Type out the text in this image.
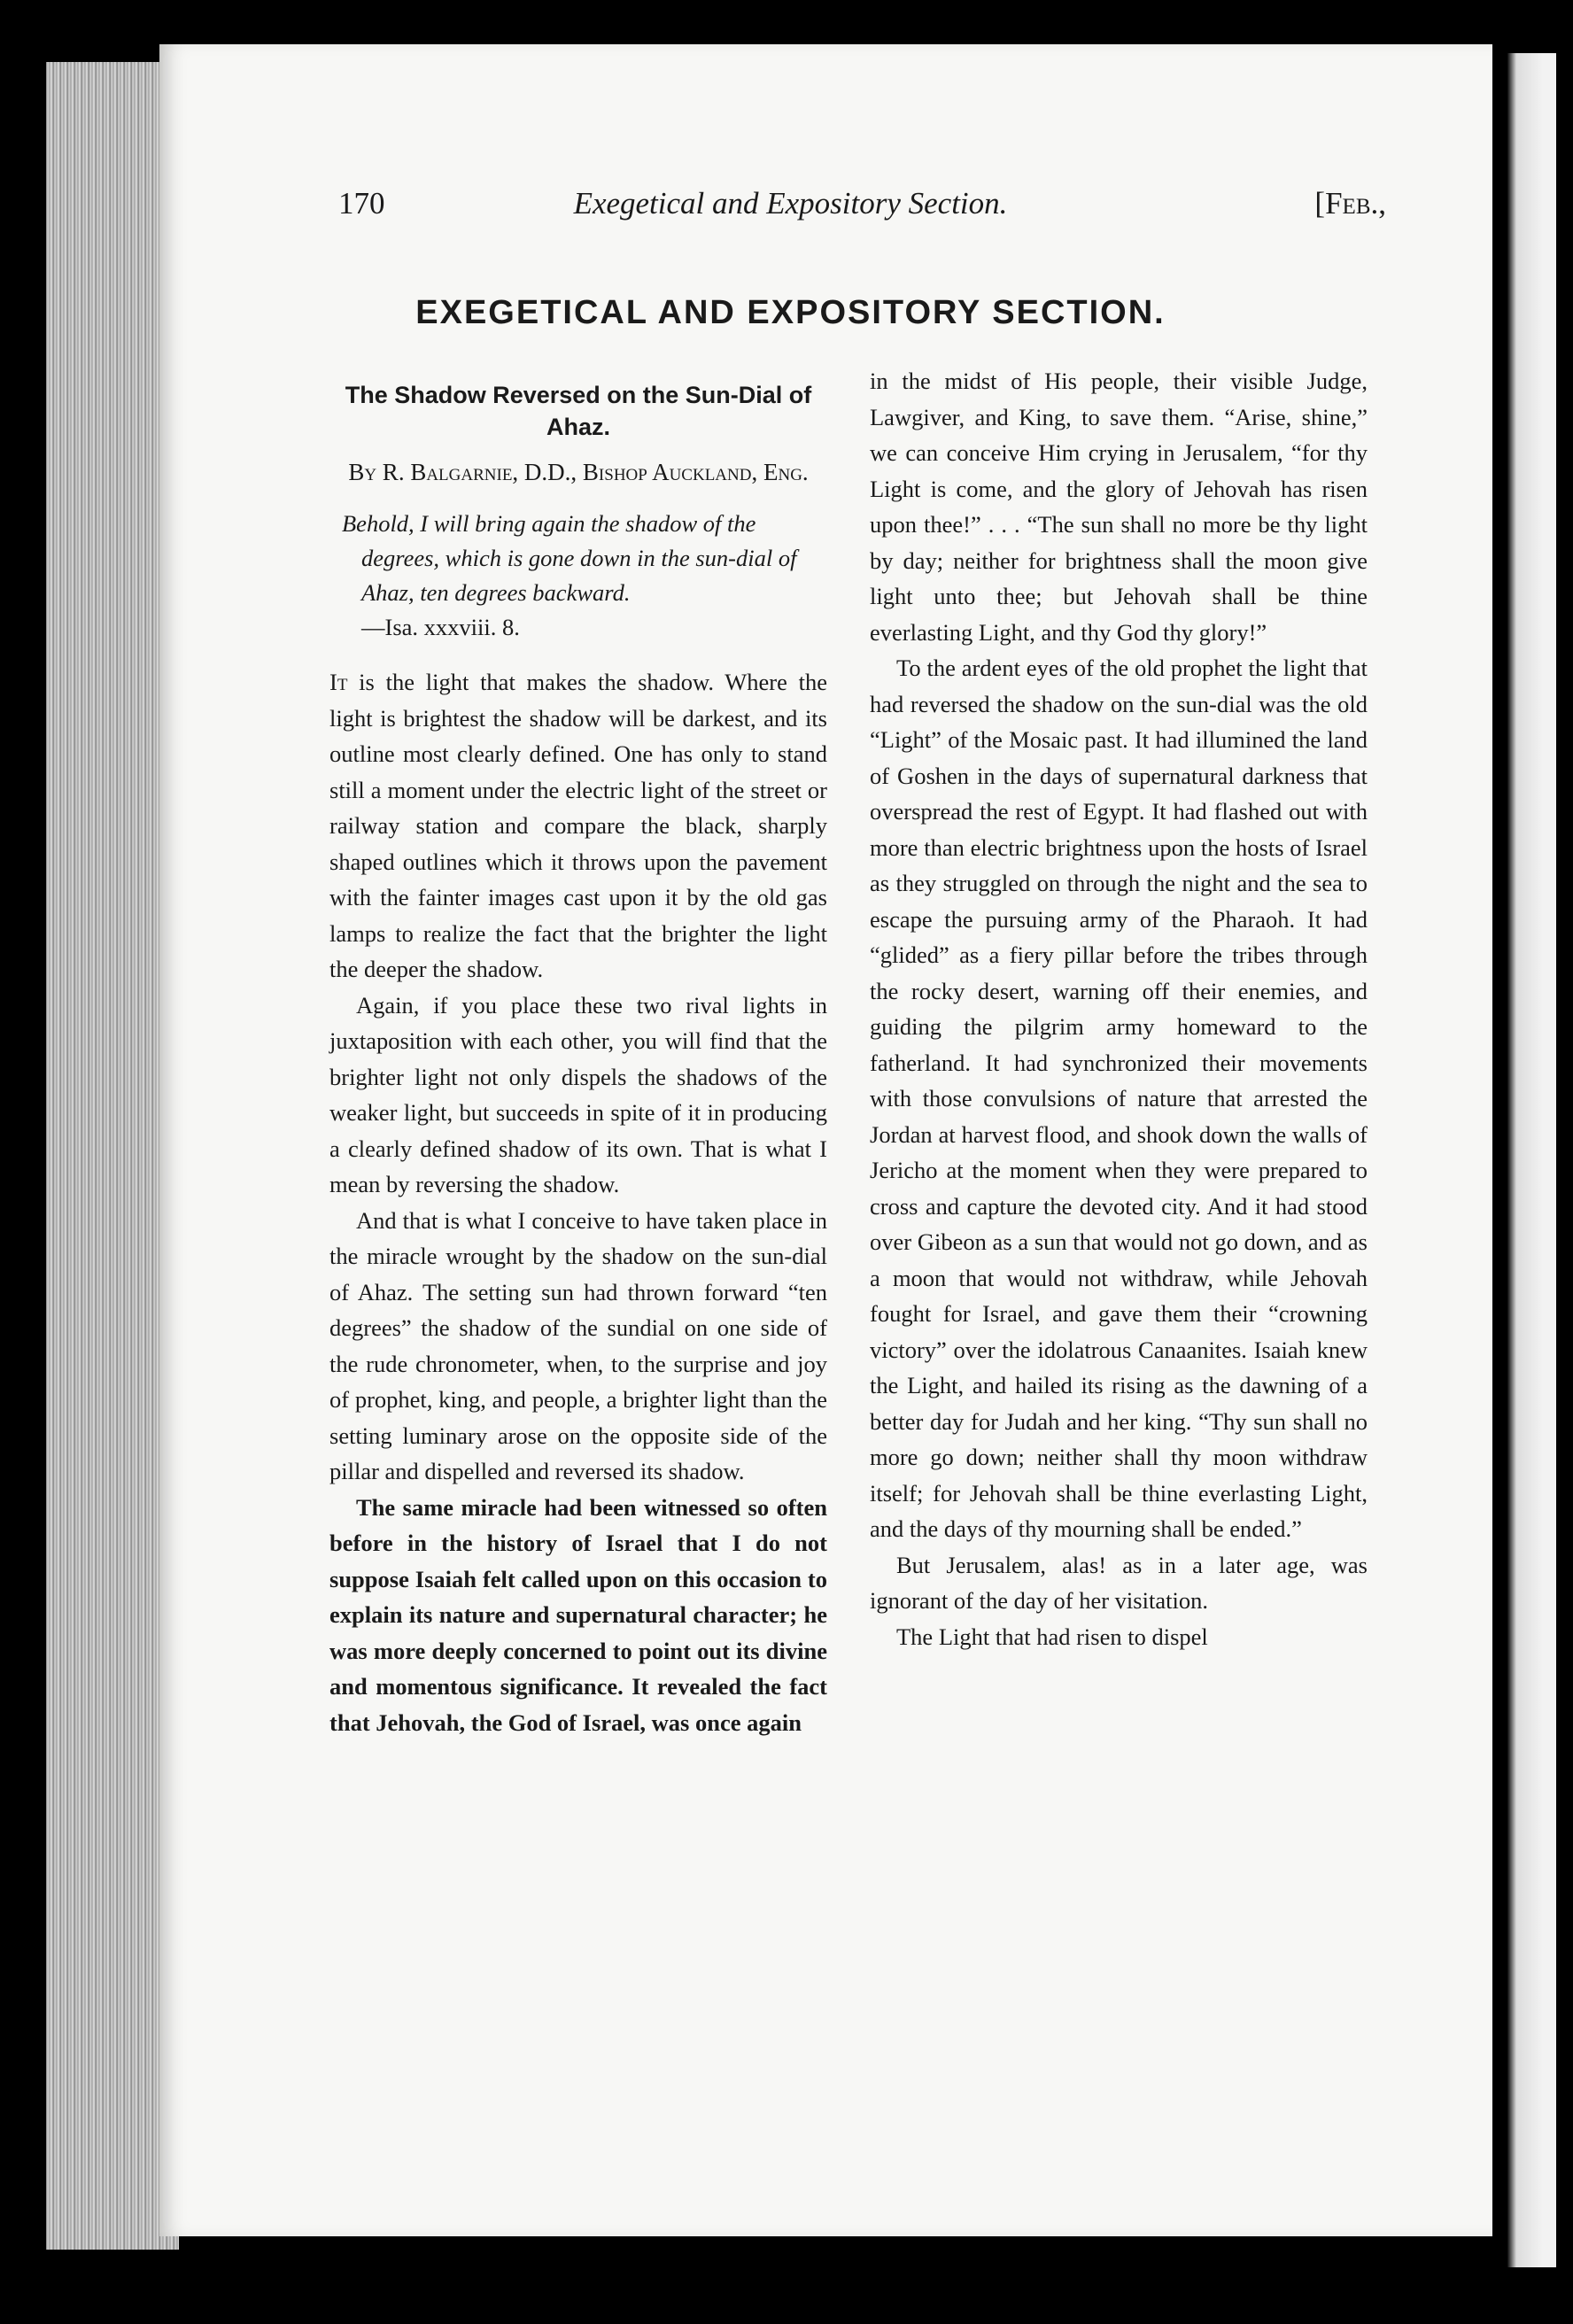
170	Exegetical and Expository Section.	[Feb.,
EXEGETICAL AND EXPOSITORY SECTION.
The Shadow Reversed on the Sun-Dial of Ahaz.
By R. Balgarnie, D.D., Bishop Auckland, Eng.
Behold, I will bring again the shadow of the degrees, which is gone down in the sun-dial of Ahaz, ten degrees backward.
—Isa. xxxviii. 8.

It is the light that makes the shadow. Where the light is brightest the shadow will be darkest, and its outline most clearly defined. One has only to stand still a moment under the electric light of the street or railway station and compare the black, sharply shaped outlines which it throws upon the pavement with the fainter images cast upon it by the old gas lamps to realize the fact that the brighter the light the deeper the shadow.

Again, if you place these two rival lights in juxtaposition with each other, you will find that the brighter light not only dispels the shadows of the weaker light, but succeeds in spite of it in producing a clearly defined shadow of its own. That is what I mean by reversing the shadow.

And that is what I conceive to have taken place in the miracle wrought by the shadow on the sun-dial of Ahaz. The setting sun had thrown forward “ten degrees” the shadow of the sundial on one side of the rude chronometer, when, to the surprise and joy of prophet, king, and people, a brighter light than the setting luminary arose on the opposite side of the pillar and dispelled and reversed its shadow.

The same miracle had been witnessed so often before in the history of Israel that I do not suppose Isaiah felt called upon on this occasion to explain its nature and supernatural character; he was more deeply concerned to point out its divine and momentous significance. It revealed the fact that Jehovah, the God of Israel, was once again

in the midst of His people, their visible Judge, Lawgiver, and King, to save them. “Arise, shine,” we can conceive Him crying in Jerusalem, “for thy Light is come, and the glory of Jehovah has risen upon thee!” . . . “The sun shall no more be thy light by day; neither for brightness shall the moon give light unto thee; but Jehovah shall be thine everlasting Light, and thy God thy glory!”

To the ardent eyes of the old prophet the light that had reversed the shadow on the sun-dial was the old “Light” of the Mosaic past. It had illumined the land of Goshen in the days of supernatural darkness that overspread the rest of Egypt. It had flashed out with more than electric brightness upon the hosts of Israel as they struggled on through the night and the sea to escape the pursuing army of the Pharaoh. It had “glided” as a fiery pillar before the tribes through the rocky desert, warning off their enemies, and guiding the pilgrim army homeward to the fatherland. It had synchronized their movements with those convulsions of nature that arrested the Jordan at harvest flood, and shook down the walls of Jericho at the moment when they were prepared to cross and capture the devoted city. And it had stood over Gibeon as a sun that would not go down, and as a moon that would not withdraw, while Jehovah fought for Israel, and gave them their “crowning victory” over the idolatrous Canaanites. Isaiah knew the Light, and hailed its rising as the dawning of a better day for Judah and her king. “Thy sun shall no more go down; neither shall thy moon withdraw itself; for Jehovah shall be thine everlasting Light, and the days of thy mourning shall be ended.”

But Jerusalem, alas! as in a later age, was ignorant of the day of her visitation.

The Light that had risen to dispel
